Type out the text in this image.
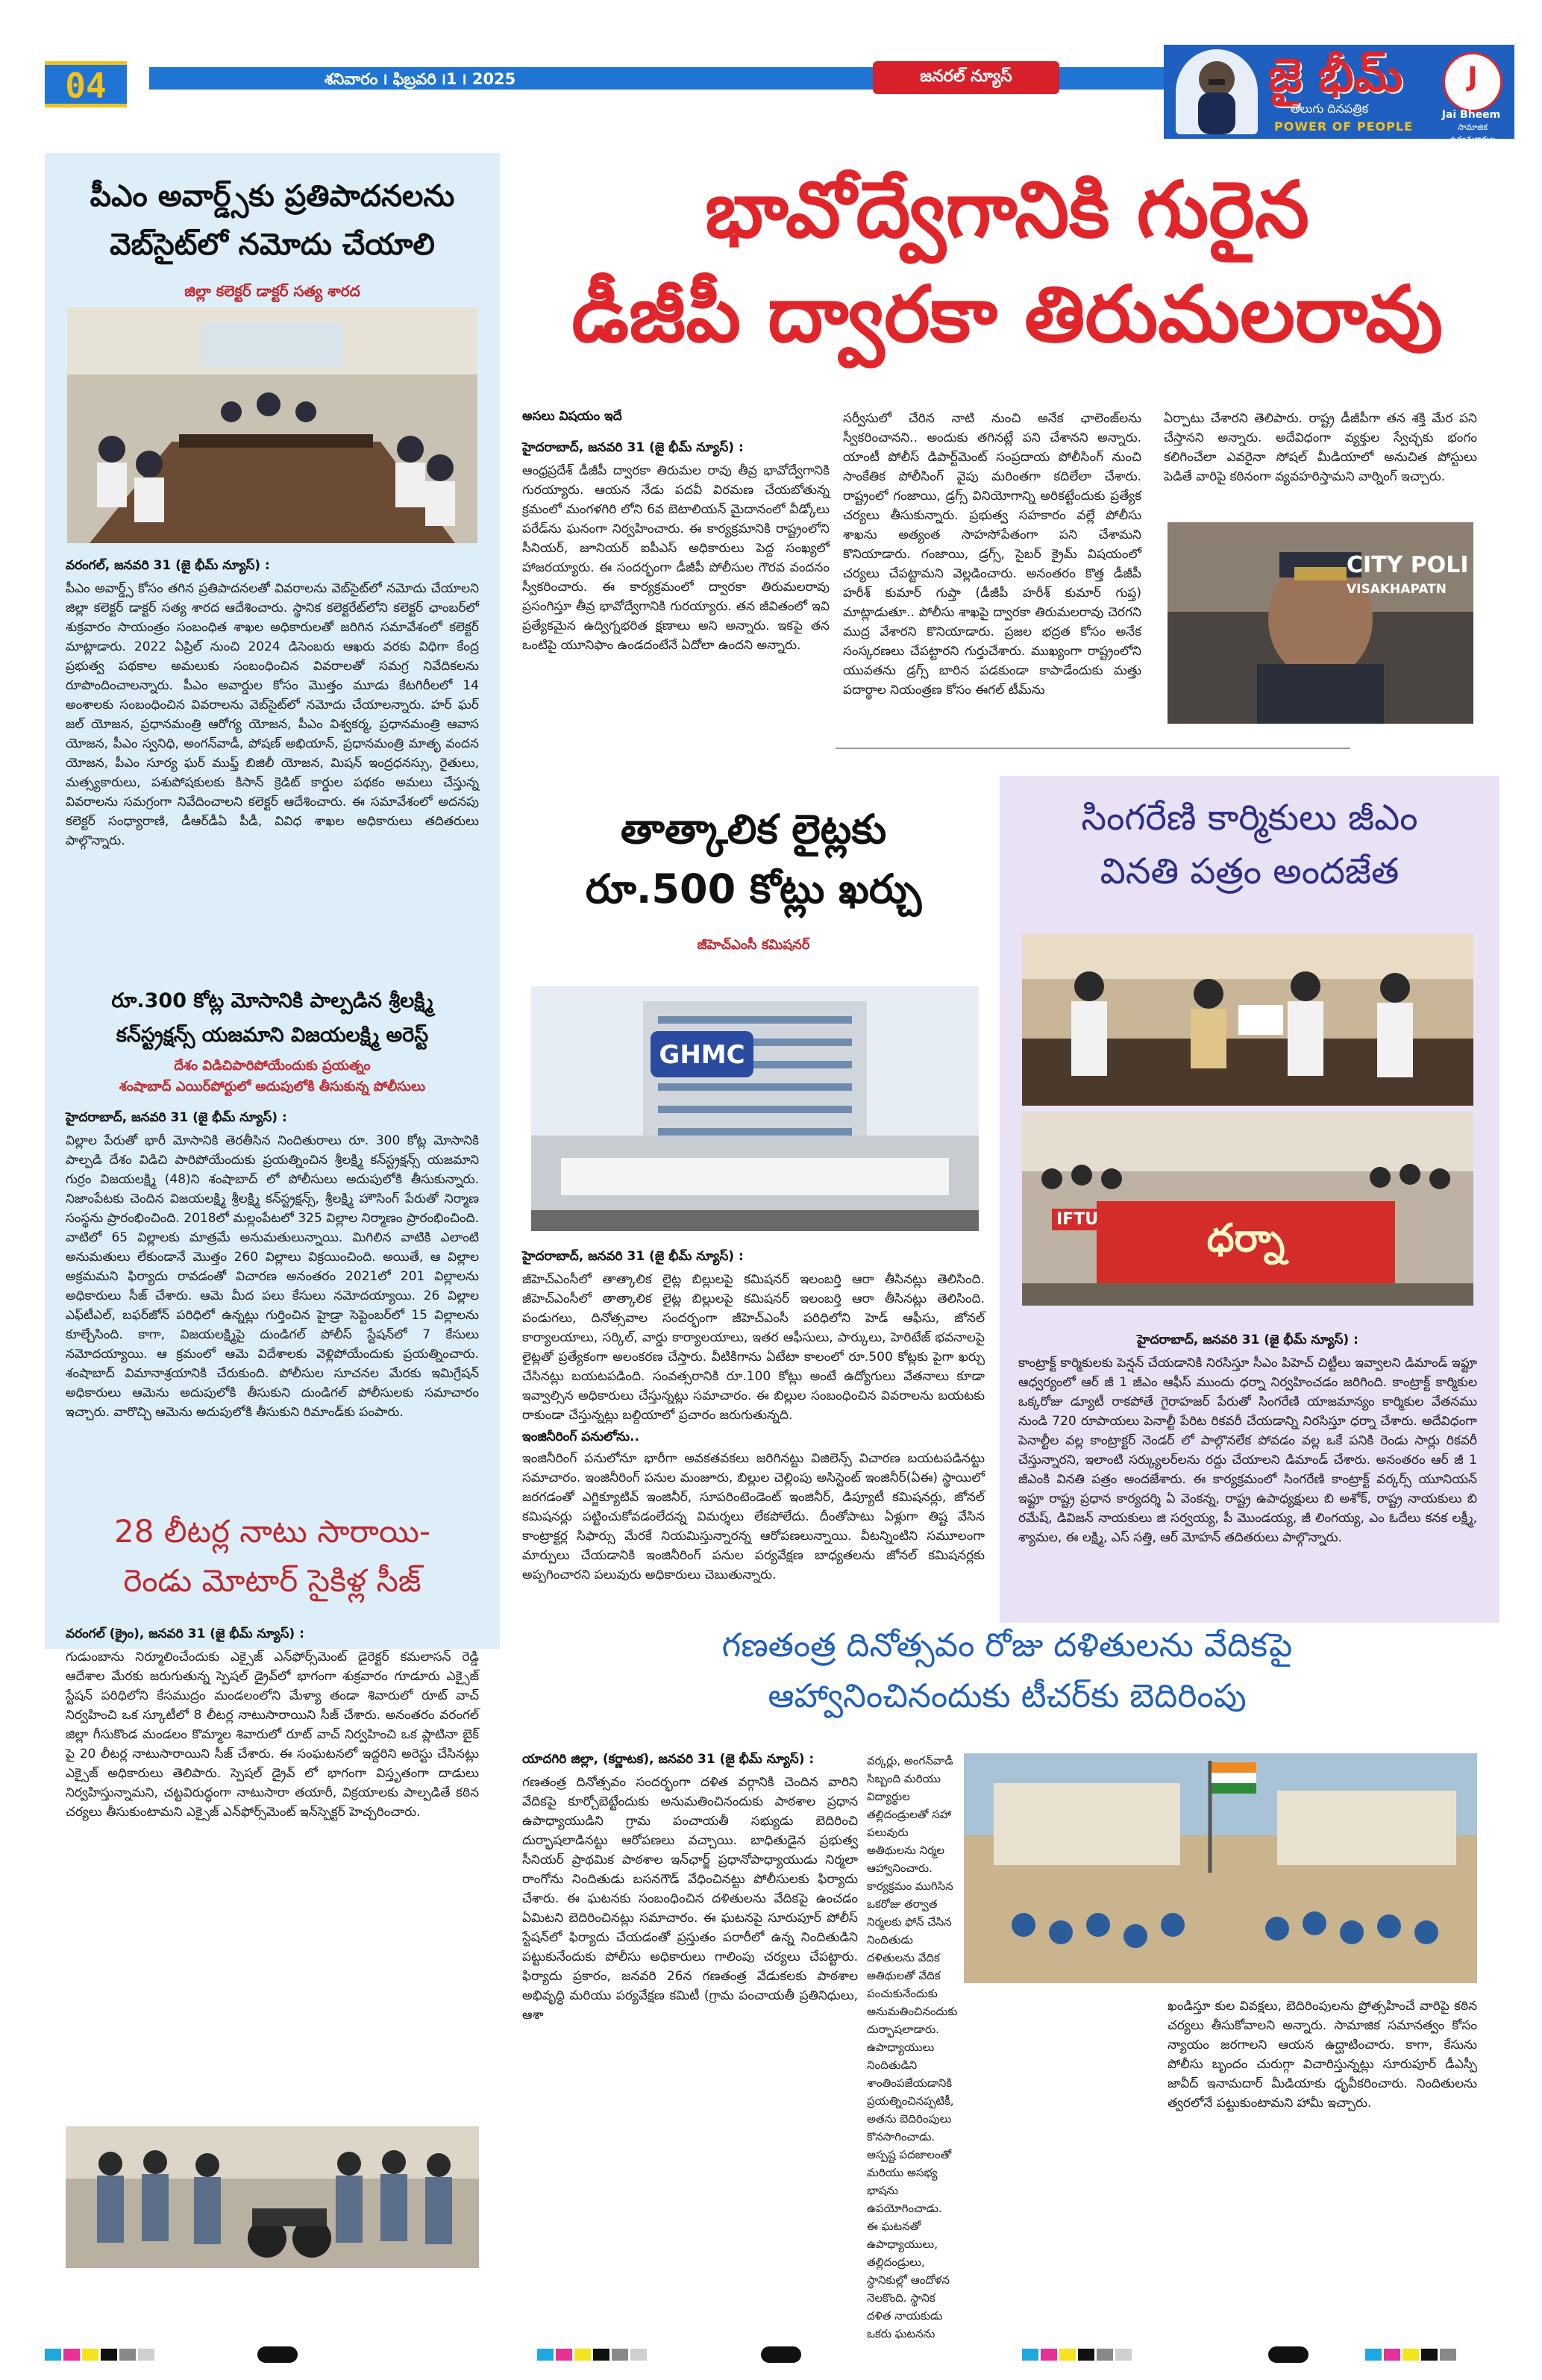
04	శనివారం ౹ ఫిబ్రవరి ౹1 ౹ 2025	జనరల్ న్యూస్	జై భీమ్
తెలుగు దినపత్రిక
POWER OF PEOPLE
J
Jai Bheem
సామాజిక ఉద్యమకారుల
పీఎం అవార్డ్స్‌కు ప్రతిపాదనలను
వెబ్‌సైట్‌లో నమోదు చేయాలి
జిల్లా కలెక్టర్ డాక్టర్ సత్య శారద

వరంగల్, జనవరి 31 (జై భీమ్ న్యూస్) :

పీఎం అవార్డ్స్ కోసం తగిన ప్రతిపాదనలతో వివరాలను వెబ్‌సైట్‌లో నమోదు చేయాలని జిల్లా కలెక్టర్ డాక్టర్ సత్య శారద ఆదేశించారు. స్థానిక కలెక్టరేట్‌లోని కలెక్టర్ ఛాంబర్‌లో శుక్రవారం సాయంత్రం సంబంధిత శాఖల అధికారులతో జరిగిన సమావేశంలో కలెక్టర్ మాట్లాడారు. 2022 ఏప్రిల్ నుంచి 2024 డిసెంబరు ఆఖరు వరకు విధిగా కేంద్ర ప్రభుత్వ పథకాల అమలుకు సంబంధించిన వివరాలతో సమగ్ర నివేదికలను రూపొందించాలన్నారు. పీఎం అవార్డుల కోసం మొత్తం మూడు కేటగిరీలలో 14 అంశాలకు సంబంధించిన వివరాలను వెబ్‌సైట్‌లో నమోదు చేయాలన్నారు. హర్ ఘర్ జల్ యోజన, ప్రధానమంత్రి ఆరోగ్య యోజన, పీఎం విశ్వకర్మ, ప్రధానమంత్రి ఆవాస యోజన, పీఎం స్వనిధి, అంగన్‌వాడీ, పోషణ్ అభియాన్, ప్రధానమంత్రి మాతృ వందన యోజన, పీఎం సూర్య ఘర్ ముఫ్త్ బిజిలీ యోజన, మిషన్ ఇంద్రధనస్సు, రైతులు, మత్స్యకారులు, పశుపోషకులకు కిసాన్ క్రెడిట్ కార్డుల పథకం అమలు చేస్తున్న వివరాలను సమగ్రంగా నివేదించాలని కలెక్టర్ ఆదేశించారు. ఈ సమావేశంలో అదనపు కలెక్టర్ సంధ్యారాణి, డీఆర్‌డీఏ పీడీ, వివిధ శాఖల అధికారులు తదితరులు పాల్గొన్నారు.
రూ.300 కోట్ల మోసానికి పాల్పడిన శ్రీలక్ష్మి
కన్‌స్ట్రక్షన్స్ యజమాని విజయలక్ష్మి అరెస్ట్
దేశం విడిచిపారిపోయేందుకు ప్రయత్నం
శంషాబాద్ ఎయిర్‌పోర్టులో అదుపులోకి తీసుకున్న పోలీసులు

హైదరాబాద్, జనవరి 31 (జై భీమ్ న్యూస్) :

విల్లాల పేరుతో భారీ మోసానికి తెరతీసిన నిందితురాలు రూ. 300 కోట్ల మోసానికి పాల్పడి దేశం విడిచి పారిపోయేందుకు ప్రయత్నించిన శ్రీలక్ష్మి కన్‌స్ట్రక్షన్స్ యజమాని గుర్రం విజయలక్ష్మి (48)ని శంషాబాద్ లో పోలీసులు అదుపులోకి తీసుకున్నారు. నిజాంపేటకు చెందిన విజయలక్ష్మి శ్రీలక్ష్మి కన్‌స్ట్రక్షన్స్, శ్రీలక్ష్మి హౌసింగ్ పేరుతో నిర్మాణ సంస్థను ప్రారంభించింది. 2018లో మల్లంపేటలో 325 విల్లాల నిర్మాణం ప్రారంభించింది. వాటిలో 65 విల్లాలకు మాత్రమే అనుమతులున్నాయి. మిగిలిన వాటికి ఎలాంటి అనుమతులు లేకుండానే మొత్తం 260 విల్లాలు విక్రయించింది. అయితే, ఆ విల్లాల అక్రమమని ఫిర్యాదు రావడంతో విచారణ అనంతరం 2021లో 201 విల్లాలను అధికారులు సీజ్ చేశారు. ఆమె మీద పలు కేసులు నమోదయ్యాయి. 26 విల్లాల ఎఫ్‌టీఎల్, బఫర్‌జోన్ పరిధిలో ఉన్నట్లు గుర్తించిన హైడ్రా సెప్టెంబర్‌లో 15 విల్లాలను కూల్చేసింది. కాగా, విజయలక్ష్మిపై దుండిగల్ పోలీస్ స్టేషన్‌లో 7 కేసులు నమోదయ్యాయి. ఆ క్రమంలో ఆమె విదేశాలకు వెళ్లిపోయేందుకు ప్రయత్నించారు. శంషాబాద్ విమానాశ్రయానికి చేరుకుంది. పోలీసుల సూచనల మేరకు ఇమిగ్రేషన్ అధికారులు ఆమెను అదుపులోకి తీసుకుని దుండిగల్ పోలీసులకు సమాచారం ఇచ్చారు. వారొచ్చి ఆమెను అదుపులోకి తీసుకుని రిమాండ్‌కు పంపారు.
28 లీటర్ల నాటు సారాయి-
రెండు మోటార్ సైకిళ్ల సీజ్

వరంగల్ (క్రైం), జనవరి 31 (జై భీమ్ న్యూస్) :

గుడుంబాను నిర్మూలించేందుకు ఎక్సైజ్ ఎన్‌ఫోర్స్‌మెంట్ డైరెక్టర్ కమలాసన్ రెడ్డి ఆదేశాల మేరకు జరుగుతున్న స్పెషల్ డ్రైవ్‌లో భాగంగా శుక్రవారం గూడూరు ఎక్సైజ్ స్టేషన్ పరిధిలోని కేసముద్రం మండలంలోని మేళ్యా తండా శివారులో రూట్ వాచ్ నిర్వహించి ఒక స్కూటీలో 8 లీటర్ల నాటుసారాయిని సీజ్ చేశారు. అనంతరం వరంగల్ జిల్లా గీసుకొండ మండలం కొమ్మాల శివారులో రూట్ వాచ్ నిర్వహించి ఒక ప్లాటినా బైక్ పై 20 లీటర్ల నాటుసారాయిని సీజ్ చేశారు. ఈ సంఘటనలో ఇద్దరిని అరెస్టు చేసినట్లు ఎక్సైజ్ అధికారులు తెలిపారు. స్పెషల్ డ్రైవ్ లో భాగంగా విస్తృతంగా దాడులు నిర్వహిస్తున్నామని, చట్టవిరుద్ధంగా నాటుసారా తయారీ, విక్రయాలకు పాల్పడితే కఠిన చర్యలు తీసుకుంటామని ఎక్సైజ్ ఎన్‌ఫోర్స్‌మెంట్ ఇన్‌స్పెక్టర్ హెచ్చరించారు.
భావోద్వేగానికి గురైన
డీజీపీ ద్వారకా తిరుమలరావు
అసలు విషయం ఇదే

హైదరాబాద్, జనవరి 31 (జై భీమ్ న్యూస్) :

ఆంధ్రప్రదేశ్ డీజీపీ ద్వారకా తిరుమల రావు తీవ్ర భావోద్వేగానికి గురయ్యారు. ఆయన నేడు పదవీ విరమణ చేయబోతున్న క్రమంలో మంగళగిరి లోని 6వ బెటాలియన్ మైదానంలో వీడ్కోలు పరేడ్‌ను ఘనంగా నిర్వహించారు. ఈ కార్యక్రమానికి రాష్ట్రంలోని సీనియర్, జూనియర్ ఐపీఎస్ అధికారులు పెద్ద సంఖ్యలో హాజరయ్యారు. ఈ సందర్భంగా డీజీపీ పోలీసుల గౌరవ వందనం స్వీకరించారు. ఈ కార్యక్రమంలో ద్వారకా తిరుమలరావు ప్రసంగిస్తూ తీవ్ర భావోద్వేగానికి గురయ్యారు. తన జీవితంలో ఇవి ప్రత్యేకమైన ఉద్విగ్నభరిత క్షణాలు అని అన్నారు. ఇకపై తన ఒంటిపై యూనిఫాం ఉండదంటేనే ఏదోలా ఉందని అన్నారు.
సర్వీసులో చేరిన నాటి నుంచి అనేక ఛాలెంజ్‌లను స్వీకరించానని.. అందుకు తగినట్లే పని చేశానని అన్నారు. యాంటీ పోలీస్ డిపార్ట్‌మెంట్ సంప్రదాయ పోలీసింగ్ నుంచి సాంకేతిక పోలీసింగ్ వైపు మరింతగా కదిలేలా చేశారు. రాష్ట్రంలో గంజాయి, డ్రగ్స్ వినియోగాన్ని అరికట్టేందుకు ప్రత్యేక చర్యలు తీసుకున్నారు. ప్రభుత్వ సహకారం వల్లే పోలీసు శాఖను అత్యంత సాహసోపేతంగా పని చేశామని కొనియాడారు. గంజాయి, డ్రగ్స్, సైబర్ క్రైమ్ విషయంలో చర్యలు చేపట్టామని వెల్లడించారు. అనంతరం కొత్త డీజీపీ హరీశ్ కుమార్ గుప్తా (డీజీపీ హరీశ్ కుమార్ గుప్త) మాట్లాడుతూ.. పోలీసు శాఖపై ద్వారకా తిరుమలరావు చెరగని ముద్ర వేశారని కొనియాడారు. ప్రజల భద్రత కోసం అనేక సంస్కరణలు చేపట్టారని గుర్తుచేశారు. ముఖ్యంగా రాష్ట్రంలోని యువతను డ్రగ్స్ బారిన పడకుండా కాపాడేందుకు మత్తు పదార్థాల నియంత్రణ కోసం ఈగల్ టీమ్‌ను
ఏర్పాటు చేశారని తెలిపారు. రాష్ట్ర డీజీపీగా తన శక్తి మేర పని చేస్తానని అన్నారు. అదేవిధంగా వ్యక్తుల స్వేచ్ఛకు భంగం కలిగించేలా ఎవరైనా సోషల్ మీడియాలో అనుచిత పోస్టులు పెడితే వారిపై కఠినంగా వ్యవహరిస్తామని వార్నింగ్ ఇచ్చారు.
CITY POLI
VISAKHAPATN
తాత్కాలిక లైట్లకు
రూ.500 కోట్లు ఖర్చు
జీహెచ్ఎంసీ కమిషనర్
GHMC

హైదరాబాద్, జనవరి 31 (జై భీమ్ న్యూస్) :

జీహెచ్ఎంసీలో తాత్కాలిక లైట్ల బిల్లులపై కమిషనర్ ఇలంబర్తి ఆరా తీసినట్లు తెలిసింది. జీహెచ్ఎంసీలో తాత్కాలిక లైట్ల బిల్లులపై కమిషనర్ ఇలంబర్తి ఆరా తీసినట్లు తెలిసింది. పండుగలు, దినోత్సవాల సందర్భంగా జీహెచ్ఎంసీ పరిధిలోని హెడ్ ఆఫీసు, జోనల్ కార్యాలయాలు, సర్కిల్, వార్డు కార్యాలయాలు, ఇతర ఆఫీసులు, పార్కులు, హెరిటేజ్ భవనాలపై లైట్లతో ప్రత్యేకంగా అలంకరణ చేస్తారు. వీటికిగాను ఏటేటా కాలంలో రూ.500 కోట్లకు పైగా ఖర్చు చేసినట్లు బయటపడింది. సంవత్సరానికి రూ.100 కోట్లు అంటే ఉద్యోగులు వేతనాలు కూడా ఇవ్వాల్సిన అధికారులు చేస్తున్నట్లు సమాచారం. ఈ బిల్లుల సంబంధించిన వివరాలను బయటకు రాకుండా చేస్తున్నట్లు బల్దియాలో ప్రచారం జరుగుతున్నది.
ఇంజినీరింగ్ పనులోను..
ఇంజినీరింగ్ పనులోనూ భారీగా అవకతవకలు జరిగినట్టు విజిలెన్స్ విచారణ బయటపడినట్టు సమాచారం. ఇంజినీరింగ్ పనుల మంజూరు, బిల్లుల చెల్లింపు అసిస్టెంట్ ఇంజినీర్(ఏఈ) స్థాయిలో జరగడంతో ఎగ్జిక్యూటివ్ ఇంజినీర్, సూపరింటెండెంట్ ఇంజినీర్, డిప్యూటీ కమిషనర్లు, జోనల్ కమిషనర్లు పట్టించుకోవడంలేదన్న విమర్శలు లేకపోలేదు. దీంతోపాటు ఏళ్లుగా తిష్ట వేసిన కాంట్రాక్టర్ల సిఫార్సు మేరకే నియమిస్తున్నారన్న ఆరోపణలున్నాయి. వీటన్నింటిని సమూలంగా మార్పులు చేయడానికి ఇంజినీరింగ్ పనుల పర్యవేక్షణ బాధ్యతలను జోనల్ కమిషనర్లకు అప్పగించారని పలువురు అధికారులు చెబుతున్నారు.
సింగరేణి కార్మికులు జీఎం
వినతి పత్రం అందజేత
ధర్నా
IFTU

హైదరాబాద్, జనవరి 31 (జై భీమ్ న్యూస్) :

కాంట్రాక్ట్ కార్మికులకు పెన్షన్ చేయడానికి నిరసిస్తూ సీఎం పిహెచ్ చిట్టీలు ఇవ్వాలని డిమాండ్ ఇఫ్టూ ఆధ్వర్యంలో ఆర్ జీ 1 జీఎం ఆఫీస్ ముందు ధర్నా నిర్వహించడం జరిగింది. కాంట్రాక్ట్ కార్మికుల ఒక్కరోజు డ్యూటీ రాకపోతే గైరాహజర్ పేరుతో సింగరేణి యాజమాన్యం కార్మికుల వేతనము నుండి 720 రూపాయలు పెనాల్టీ పేరిట రికవరీ చేయడాన్ని నిరసిస్తూ ధర్నా చేశారు. అదేవిధంగా పెనాల్టీల వల్ల కాంట్రాక్టర్ నెండర్ లో పాల్గొనలేక పోవడం వల్ల ఒకే పనికి రెండు సార్లు రికవరీ చేస్తున్నారని, ఇలాంటి సర్క్యులర్‌లను రద్దు చేయాలని డిమాండ్ చేశారు. అనంతరం ఆర్ జీ 1 జీఎంకి వినతి పత్రం అందజేశారు. ఈ కార్యక్రమంలో సింగరేణి కాంట్రాక్ట్ వర్కర్స్ యూనియన్ ఇఫ్టూ రాష్ట్ర ప్రధాన కార్యదర్శి ఏ వెంకన్న, రాష్ట్ర ఉపాధ్యక్షులు బి అశోక్, రాష్ట్ర నాయకులు బి రమేష్, డివిజన్ నాయకులు జి సర్వయ్య, పీ మొండయ్య, జీ లింగయ్య, ఎం ఓదేలు కనక లక్ష్మీ, శ్యామల, ఈ లక్ష్మి, ఎస్ సత్తి, ఆర్ మోహన్ తదితరులు పాల్గొన్నారు.
గణతంత్ర దినోత్సవం రోజు దళితులను వేదికపై
ఆహ్వానించినందుకు టీచర్‌కు బెదిరింపు

యాదగిరి జిల్లా, (కర్ణాటక), జనవరి 31 (జై భీమ్ న్యూస్) :

గణతంత్ర దినోత్సవం సందర్భంగా దళిత వర్గానికి చెందిన వారిని వేదికపై కూర్చోబెట్టేందుకు అనుమతించినందుకు పాఠశాల ప్రధాన ఉపాధ్యాయుడిని గ్రామ పంచాయతీ సభ్యుడు బెదిరించి దుర్భాషలాడినట్టు ఆరోపణలు వచ్చాయి. బాధితుడైన ప్రభుత్వ సీనియర్ ప్రాథమిక పాఠశాల ఇన్‌ఛార్జ్ ప్రధానోపాధ్యాయుడు నిర్మలా రాంగోను నిందితుడు బసనగౌడ్ వేధించినట్టు పోలీసులకు ఫిర్యాదు చేశారు. ఈ ఘటనకు సంబంధించిన దళితులను వేదికపై ఉంచడం ఏమిటని బెదిరించినట్లు సమాచారం. ఈ ఘటనపై సూరుపూర్ పోలీస్ స్టేషన్‌లో ఫిర్యాదు చేయడంతో ప్రస్తుతం పరారీలో ఉన్న నిందితుడిని పట్టుకునేందుకు పోలీసు అధికారులు గాలింపు చర్యలు చేపట్టారు. ఫిర్యాదు ప్రకారం, జనవరి 26న గణతంత్ర వేడుకలకు పాఠశాల అభివృద్ధి మరియు పర్యవేక్షణ కమిటీ (గ్రామ పంచాయతీ ప్రతినిధులు, ఆశా
వర్కర్లు, అంగన్‌వాడీ సిబ్బంది మరియు విద్యార్థుల తల్లిదండ్రులతో సహా పలువురు అతిథులను నిర్మల ఆహ్వానించారు. కార్యక్రమం ముగిసిన ఒకరోజు తర్వాత నిర్మలకు ఫోన్ చేసిన నిందితుడు దళితులను వేదిక అతిథులతో వేదిక పంచుకునేందుకు అనుమతించినందుకు దుర్భాషలాడారు. ఉపాధ్యాయులు నిందితుడిని శాంతింపజేయడానికి ప్రయత్నించినప్పటికీ, అతను బెదిరింపులు కొనసాగించాడు. అస్పష్ట పదజాలంతో మరియు అసభ్య భాషను ఉపయోగించాడు. ఈ ఘటనతో ఉపాధ్యాయులు, తల్లిదండ్రులు, స్థానికుల్లో ఆందోళన నెలకొంది. స్థానిక దళిత నాయకుడు ఒకరు ఘటనను
ఖండిస్తూ కుల వివక్షలు, బెదిరింపులను ప్రోత్సహించే వారిపై కఠిన చర్యలు తీసుకోవాలని అన్నారు. సామాజిక సమానత్వం కోసం న్యాయం జరగాలని ఆయన ఉద్ఘాటించారు. కాగా, కేసును పోలీసు బృందం చురుగ్గా విచారిస్తున్నట్లు సూరుపూర్ డీఎస్పీ జావీద్ ఇనామదార్ మీడియాకు ధృవీకరించారు. నిందితులను త్వరలోనే పట్టుకుంటామని హామీ ఇచ్చారు.
